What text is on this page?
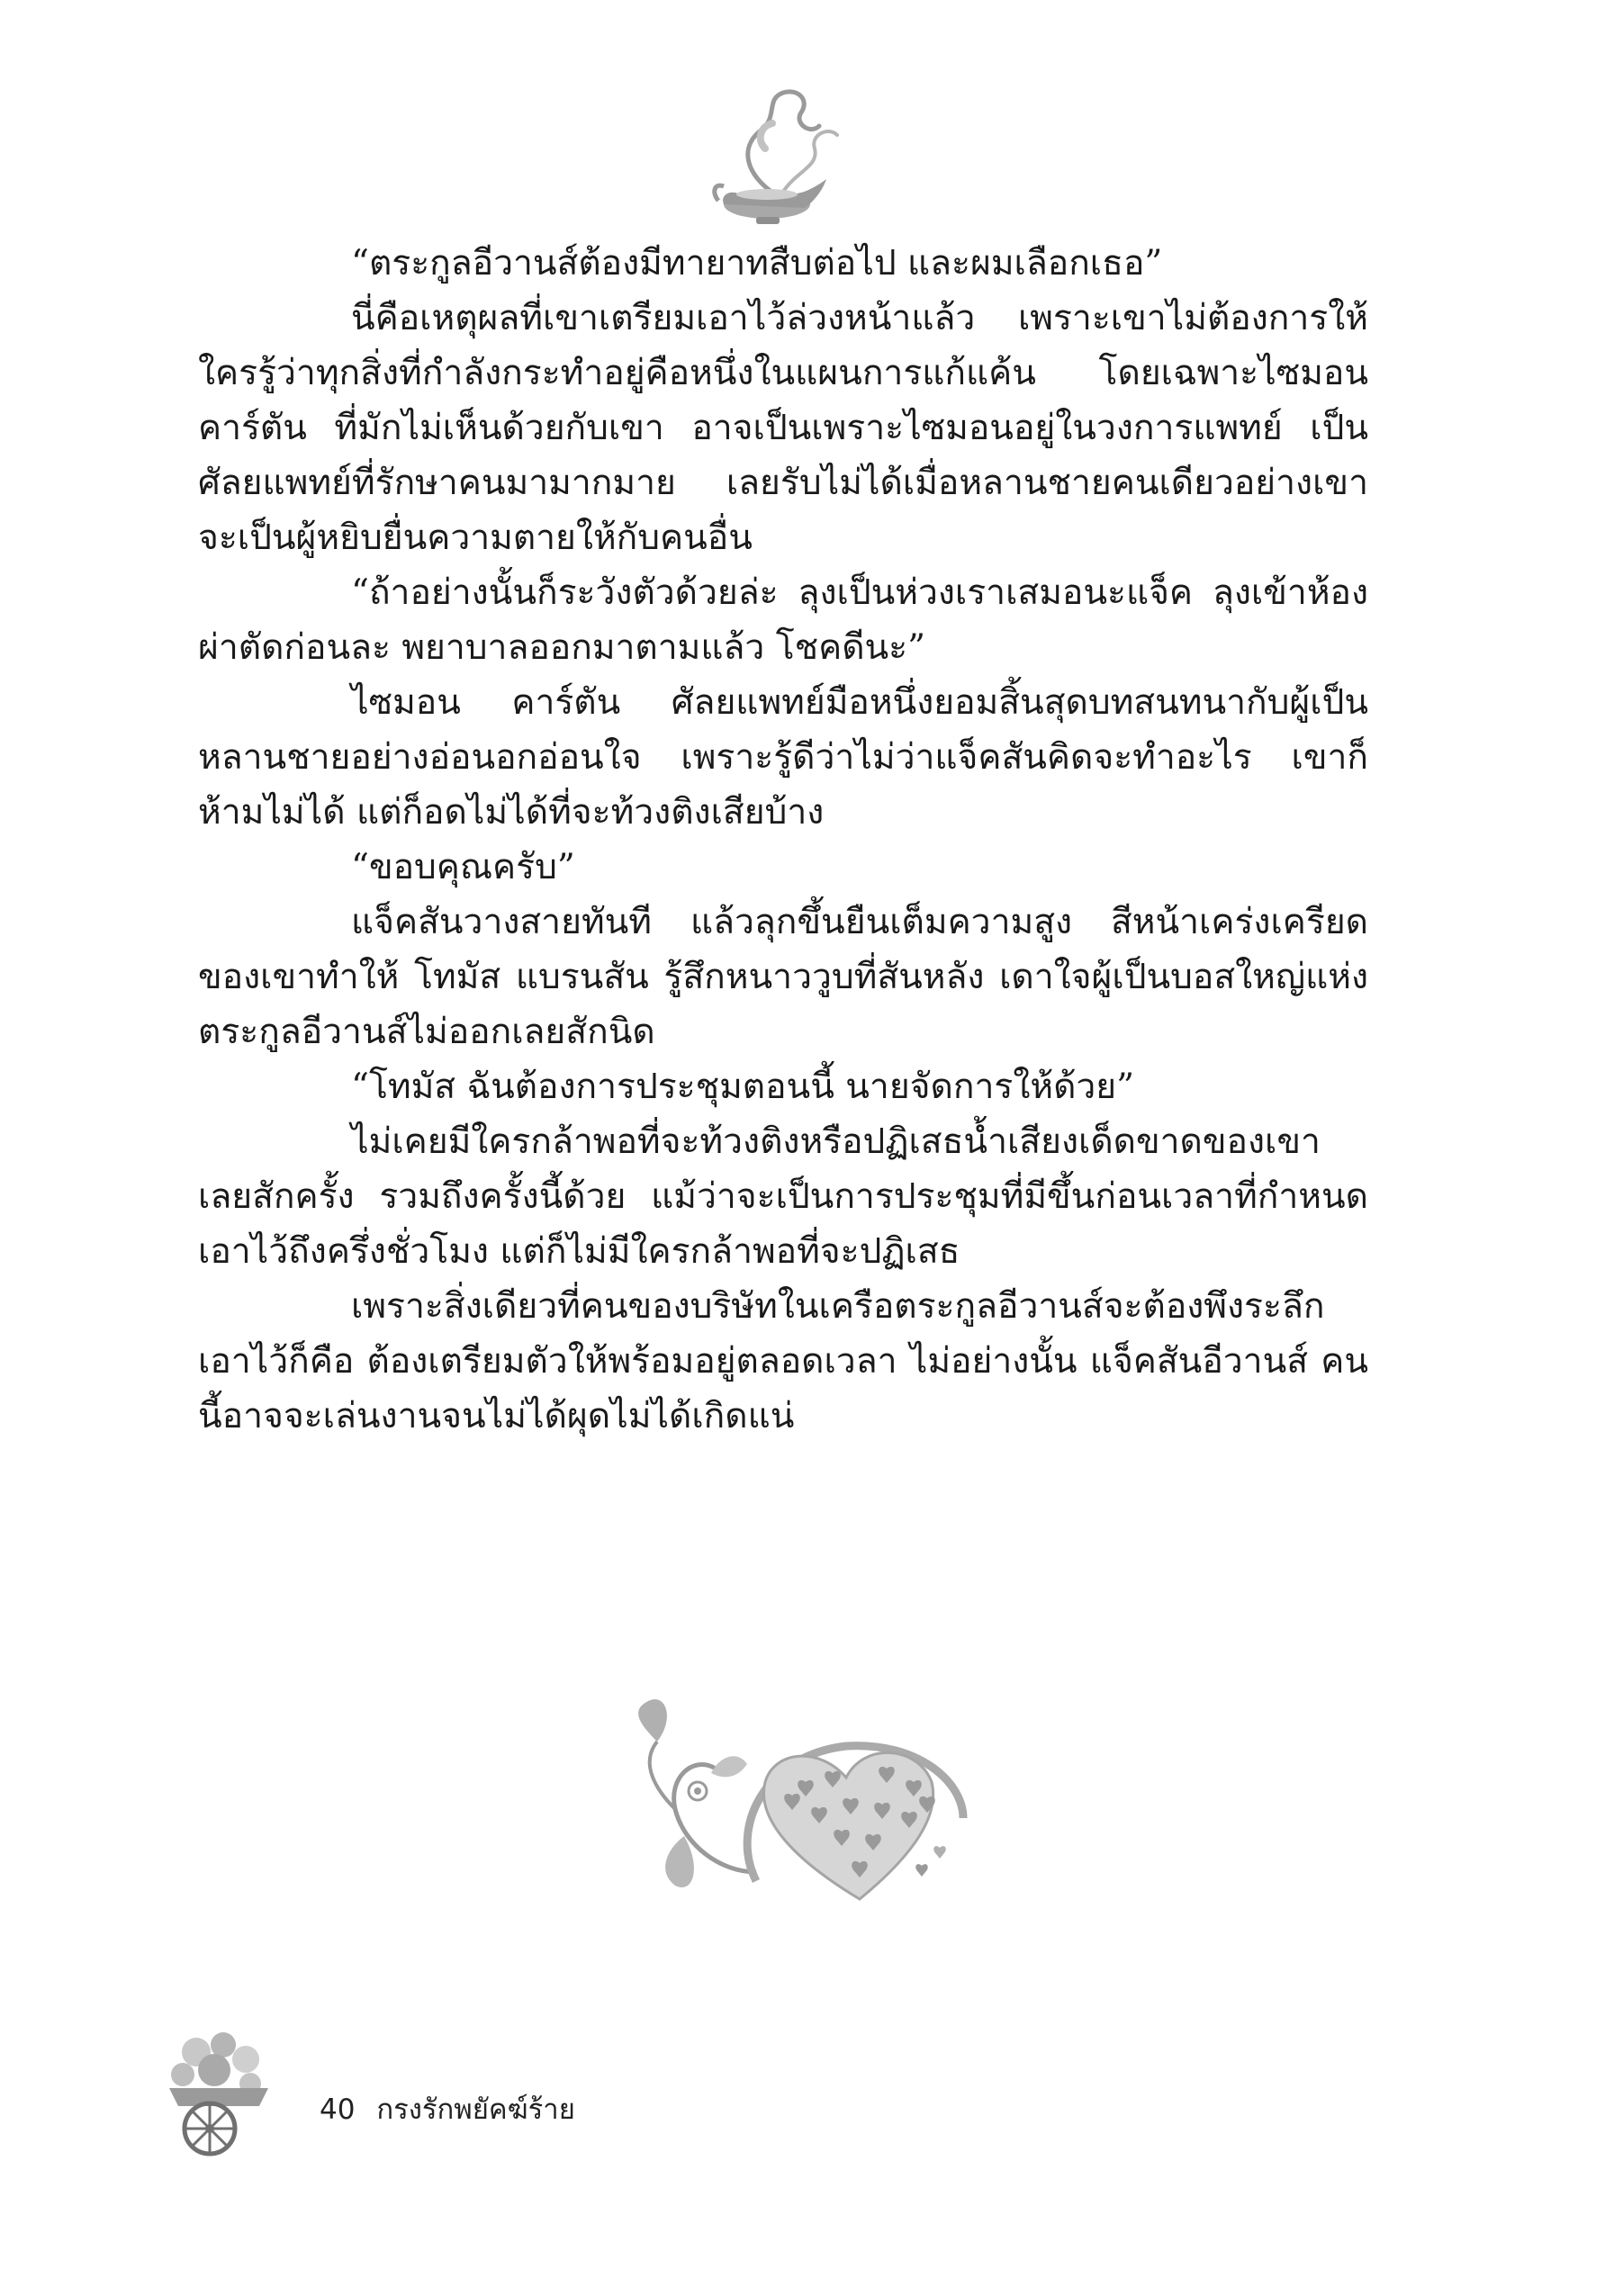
“ตระกูลอีวานส์ต้องมีทายาทสืบต่อไป และผมเลือกเธอ”

นี่คือเหตุผลที่เขาเตรียมเอาไว้ล่วงหน้าแล้ว เพราะเขาไม่ต้องการให้ใครรู้ว่าทุกสิ่งที่กำลังกระทำอยู่คือหนึ่งในแผนการแก้แค้น โดยเฉพาะไซมอน คาร์ตัน ที่มักไม่เห็นด้วยกับเขา อาจเป็นเพราะไซมอนอยู่ในวงการแพทย์ เป็นศัลยแพทย์ที่รักษาคนมามากมาย เลยรับไม่ได้เมื่อหลานชายคนเดียวอย่างเขาจะเป็นผู้หยิบยื่นความตายให้กับคนอื่น

“ถ้าอย่างนั้นก็ระวังตัวด้วยล่ะ ลุงเป็นห่วงเราเสมอนะแจ็ค ลุงเข้าห้องผ่าตัดก่อนละ พยาบาลออกมาตามแล้ว โชคดีนะ”

ไซมอน คาร์ตัน ศัลยแพทย์มือหนึ่งยอมสิ้นสุดบทสนทนากับผู้เป็นหลานชายอย่างอ่อนอกอ่อนใจ เพราะรู้ดีว่าไม่ว่าแจ็คสันคิดจะทำอะไร เขาก็ห้ามไม่ได้ แต่ก็อดไม่ได้ที่จะท้วงติงเสียบ้าง

“ขอบคุณครับ”

แจ็คสันวางสายทันที แล้วลุกขึ้นยืนเต็มความสูง สีหน้าเคร่งเครียดของเขาทำให้ โทมัส แบรนสัน รู้สึกหนาววูบที่สันหลัง เดาใจผู้เป็นบอสใหญ่แห่งตระกูลอีวานส์ไม่ออกเลยสักนิด

“โทมัส ฉันต้องการประชุมตอนนี้ นายจัดการให้ด้วย”

ไม่เคยมีใครกล้าพอที่จะท้วงติงหรือปฏิเสธน้ำเสียงเด็ดขาดของเขาเลยสักครั้ง รวมถึงครั้งนี้ด้วย แม้ว่าจะเป็นการประชุมที่มีขึ้นก่อนเวลาที่กำหนดเอาไว้ถึงครึ่งชั่วโมง แต่ก็ไม่มีใครกล้าพอที่จะปฏิเสธ

เพราะสิ่งเดียวที่คนของบริษัทในเครือตระกูลอีวานส์จะต้องพึงระลึกเอาไว้ก็คือ ต้องเตรียมตัวให้พร้อมอยู่ตลอดเวลา ไม่อย่างนั้น แจ็คสันอีวานส์ คนนี้อาจจะเล่นงานจนไม่ได้ผุดไม่ได้เกิดแน่

40 กรงรักพยัคฆ์ร้าย
